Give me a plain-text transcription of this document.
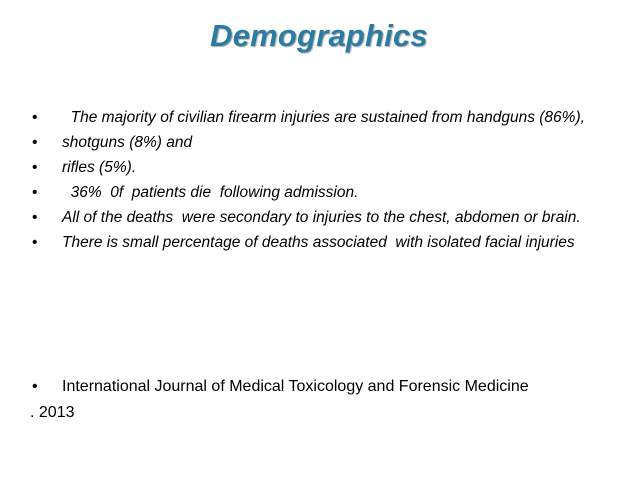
Demographics
• The majority of civilian firearm injuries are sustained from handguns (86%),
• shotguns (8%) and
• rifles (5%).
• 36%  0f  patients die  following admission.
• All of the deaths  were secondary to injuries to the chest, abdomen or brain.
• There is small percentage of deaths associated  with isolated facial injuries
• International Journal of Medical Toxicology and Forensic Medicine
. 2013
